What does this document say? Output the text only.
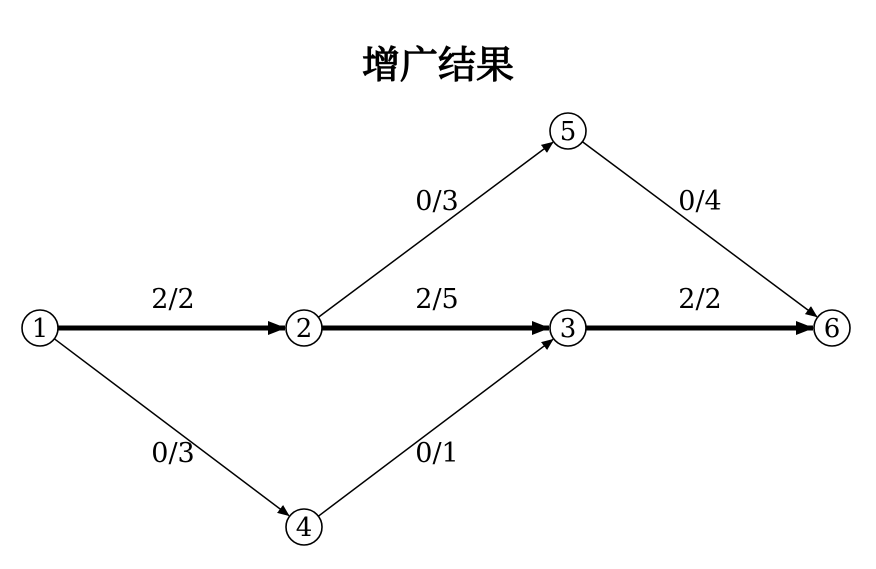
增广结果
2/2	2/5	2/2
0/3	0/4
0/3	0/1
1	2	3
4
5
6
